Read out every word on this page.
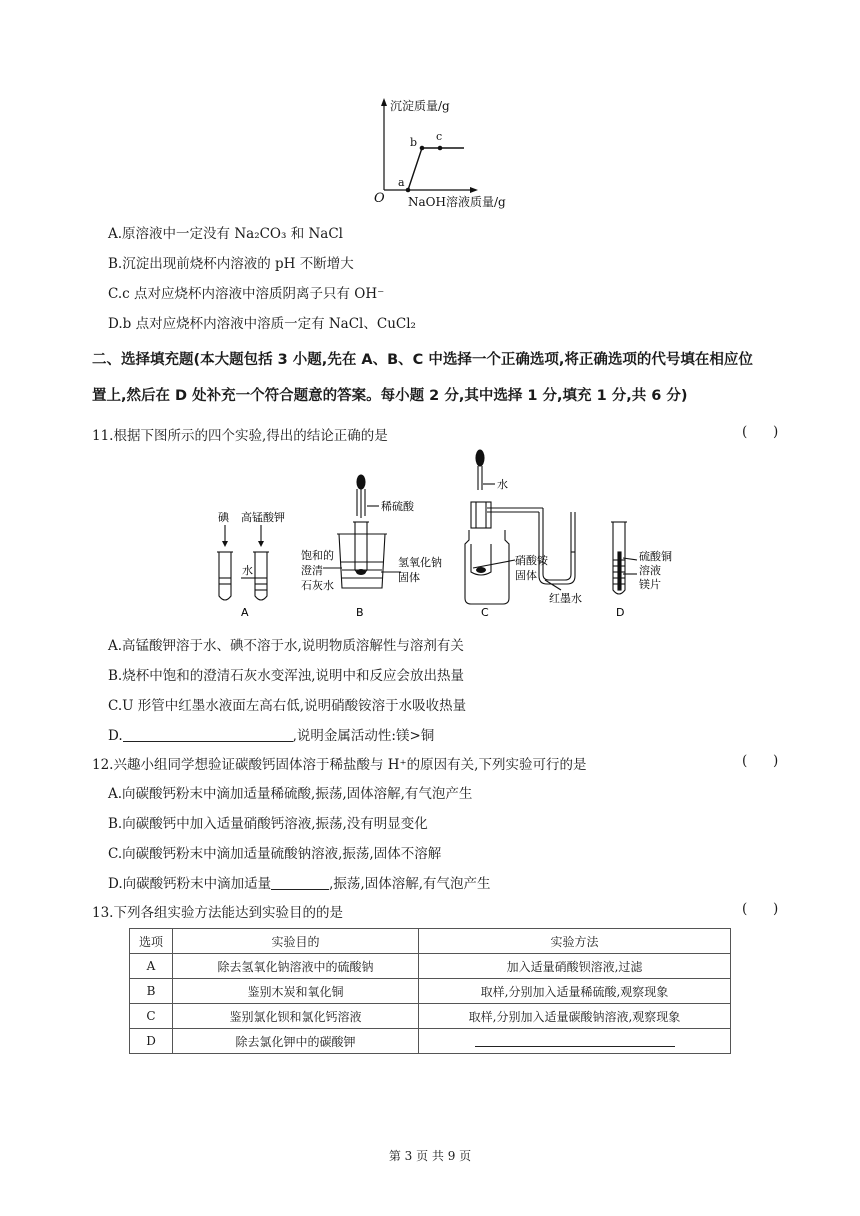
沉淀质量/g
O NaOH溶液质量/g
a
b c
A.原溶液中一定没有 Na₂CO₃ 和 NaCl
B.沉淀出现前烧杯内溶液的 pH 不断增大
C.c 点对应烧杯内溶液中溶质阴离子只有 OH⁻
D.b 点对应烧杯内溶液中溶质一定有 NaCl、CuCl₂
二、选择填充题(本大题包括 3 小题,先在 A、B、C 中选择一个正确选项,将正确选项的代号填在相应位
置上,然后在 D 处补充一个符合题意的答案。每小题 2 分,其中选择 1 分,填充 1 分,共 6 分)
11.根据下图所示的四个实验,得出的结论正确的是	(      )
碘 高锰酸钾
水
A
稀硫酸
饱和的
澄清
石灰水
氢氧化钠
固体
B
水
硝酸铵
固体
红墨水
C
硫酸铜
溶液
镁片
D
A.高锰酸钾溶于水、碘不溶于水,说明物质溶解性与溶剂有关
B.烧杯中饱和的澄清石灰水变浑浊,说明中和反应会放出热量
C.U 形管中红墨水液面左高右低,说明硝酸铵溶于水吸收热量
D.	,说明金属活动性:镁>铜
12.兴趣小组同学想验证碳酸钙固体溶于稀盐酸与 H⁺的原因有关,下列实验可行的是	(      )
A.向碳酸钙粉末中滴加适量稀硫酸,振荡,固体溶解,有气泡产生
B.向碳酸钙中加入适量硝酸钙溶液,振荡,没有明显变化
C.向碳酸钙粉末中滴加适量硫酸钠溶液,振荡,固体不溶解
D.向碳酸钙粉末中滴加适量	,振荡,固体溶解,有气泡产生
13.下列各组实验方法能达到实验目的的是	(      )
选项	实验目的	实验方法
A	除去氢氧化钠溶液中的硫酸钠	加入适量硝酸钡溶液,过滤
B	鉴别木炭和氧化铜	取样,分别加入适量稀硫酸,观察现象
C	鉴别氯化钡和氯化钙溶液	取样,分别加入适量碳酸钠溶液,观察现象
D	除去氯化钾中的碳酸钾	
第 3 页 共 9 页
